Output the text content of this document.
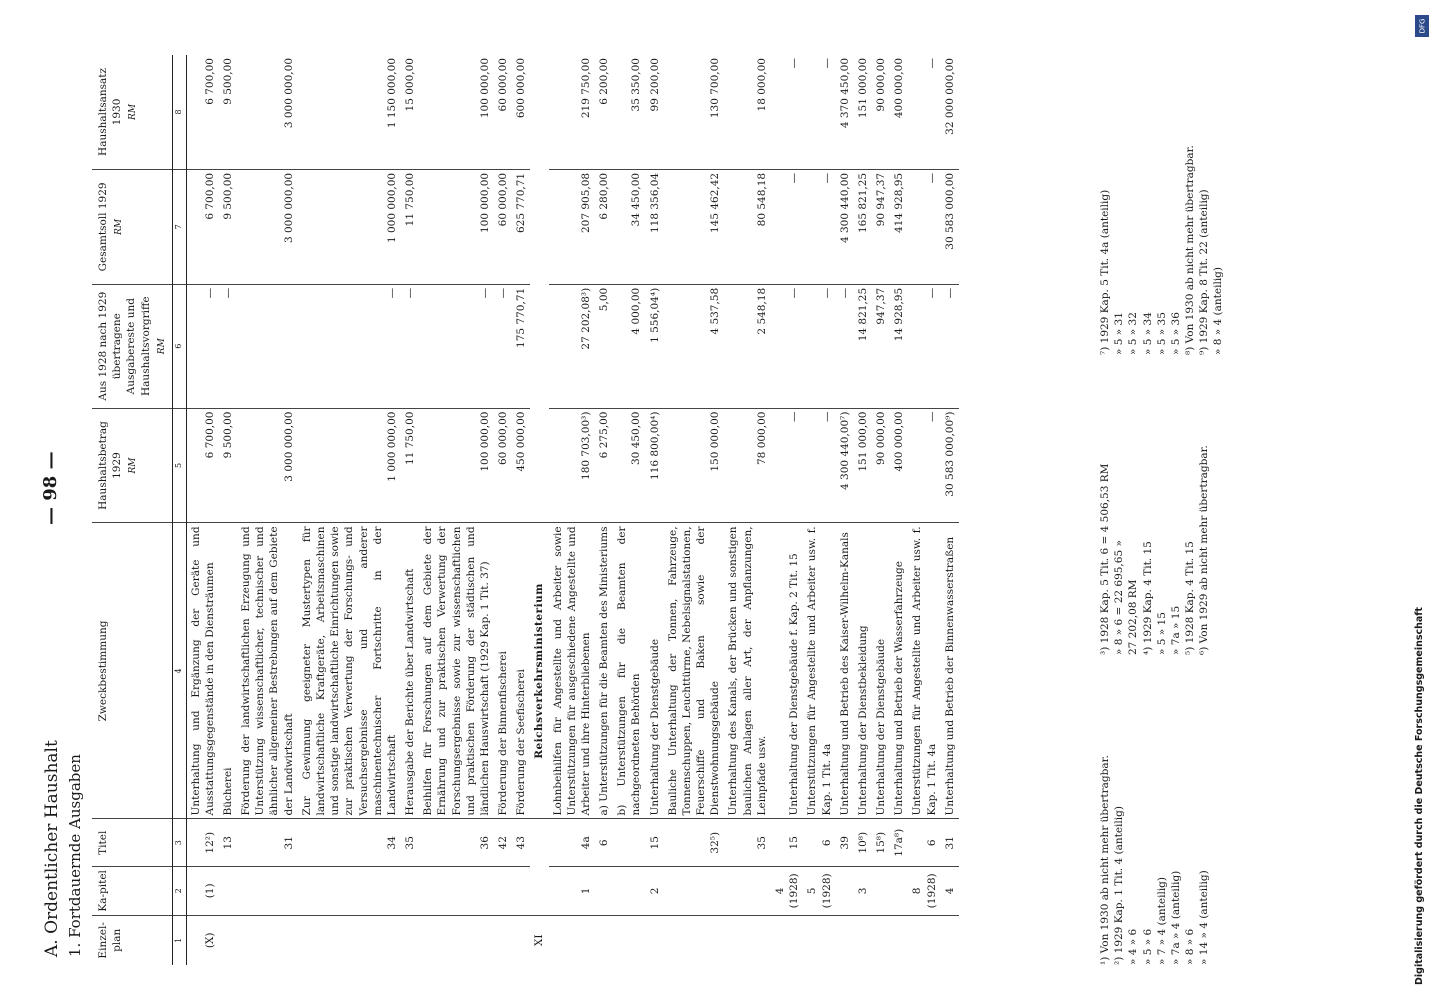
A. Ordentlicher Haushalt 1. Fortdauernde Ausgaben
— 98 —
Einzel-plan	Ka-pitel	Titel	Zweckbestimmung	Haushaltsbetrag 1929 RM	Aus 1928 nach 1929 übertragene Ausgabereste und Haushaltsvorgriffe RM	Gesamtsoll 1929 RM	Haushaltsansatz 1930 RM

1	2	3	4	5	6	7	8
(X)	(1)	12²)	Unterhaltung und Ergänzung der Geräte und Ausstattungsgegenstände in den Diensträumen	6 700,00	—	6 700,00	6 700,00
		13	Bücherei	9 500,00	—	9 500,00	9 500,00
		31	Förderung der landwirtschaftlichen Erzeugung und Unterstützung wissenschaftlicher, technischer und ähnlicher allgemeiner Bestrebungen auf dem Gebiete der Landwirtschaft	3 000 000,00		3 000 000,00	3 000 000,00
		34	Zur Gewinnung geeigneter Mustertypen für landwirtschaftliche Kraftgeräte, Arbeitsmaschinen und sonstige landwirtschaftliche Einrichtungen sowie zur praktischen Verwertung der Forschungs- und Versuchsergebnisse und anderer maschinentechnischer Fortschritte in der Landwirtschaft	1 000 000,00	—	1 000 000,00	1 150 000,00
		35	Herausgabe der Berichte über Landwirtschaft	11 750,00	—	11 750,00	15 000,00
		36	Beihilfen für Forschungen auf dem Gebiete der Ernährung und zur praktischen Verwertung der Forschungsergebnisse sowie zur wissenschaftlichen und praktischen Förderung der städtischen und ländlichen Hauswirtschaft (1929 Kap. 1 Tit. 37)	100 000,00	—	100 000,00	100 000,00
		42	Förderung der Binnenfischerei	60 000,00	—	60 000,00	60 000,00
		43	Förderung der Seefischerei	450 000,00	175 770,71	625 770,71	600 000,00
XI			Reichsverkehrsministerium				
	1	4a	Lohnbeihilfen für Angestellte und Arbeiter sowie Unterstützungen für ausgeschiedene Angestellte und Arbeiter und ihre Hinterbliebenen	180 703,00³)	27 202,08³)	207 905,08	219 750,00
		6	a) Unterstützungen für die Beamten des Ministeriums	6 275,00	5,00	6 280,00	6 200,00
			b) Unterstützungen für die Beamten der nachgeordneten Behörden	30 450,00	4 000,00	34 450,00	35 350,00
	2	15	Unterhaltung der Dienstgebäude	116 800,00⁴)	1 556,04⁴)	118 356,04	99 200,00
		32⁵)	Bauliche Unterhaltung der Tonnen, Fahrzeuge, Tonnenschuppen, Leuchttürme, Nebelsignalstationen, Feuerschiffe und Baken sowie der Dienstwohnungsgebäude	150 000,00	4 537,58	145 462,42	130 700,00
		35	Unterhaltung des Kanals, der Brücken und sonstigen baulichen Anlagen aller Art, der Anpflanzungen, Leinpfade usw.	78 000,00	2 548,18	80 548,18	18 000,00
	4 (1928)	15	Unterhaltung der Dienstgebäude f. Kap. 2 Tit. 15	—	—	—	—
	5 (1928)	6	Unterstützungen für Angestellte und Arbeiter usw. f. Kap. 1 Tit. 4a	—	—	—	—
		39	Unterhaltung und Betrieb des Kaiser-Wilhelm-Kanals	4 300 440,00⁷)	—	4 300 440,00	4 370 450,00
	3	10⁸)	Unterhaltung der Dienstbekleidung	151 000,00	14 821,25	165 821,25	151 000,00
		15⁸)	Unterhaltung der Dienstgebäude	90 000,00	947,37	90 947,37	90 000,00
		17a⁸)	Unterhaltung und Betrieb der Wasserfahrzeuge	400 000,00	14 928,95	414 928,95	400 000,00
	8 (1928)	6	Unterstützungen für Angestellte und Arbeiter usw. f. Kap. 1 Tit. 4a	—	—	—	—
	4	31	Unterhaltung und Betrieb der Binnenwasserstraßen	30 583 000,00⁹)	—	30 583 000,00	32 000 000,00
¹) Von 1930 ab nicht mehr übertragbar. ²) 1929 Kap. 1 Tit. 4 (anteilig) » 4 » 6 » 5 » 6 » 7 » 4 (anteilig) » 7a » 4 (anteilig) » 8 » 6 » 14 » 4 (anteilig)
³) 1928 Kap. 5 Tit. 6 = 4 506,53 RM » 8 » 6 = 22 695,65 » 27 202,08 RM ⁴) 1929 Kap. 4 Tit. 15 » 5 » 15 » 7a » 15 ⁵) 1928 Kap. 4 Tit. 15 ⁶) Von 1929 ab nicht mehr übertragbar.
⁷) 1929 Kap. 5 Tit. 4a (anteilig) » 5 » 31 » 5 » 32 » 5 » 34 » 5 » 35 » 5 » 36 ⁸) Von 1930 ab nicht mehr übertragbar. ⁹) 1929 Kap. 8 Tit. 22 (anteilig) » 8 » 4 (anteilig)
DFG
Digitalisierung gefördert durch die Deutsche Forschungsgemeinschaft
